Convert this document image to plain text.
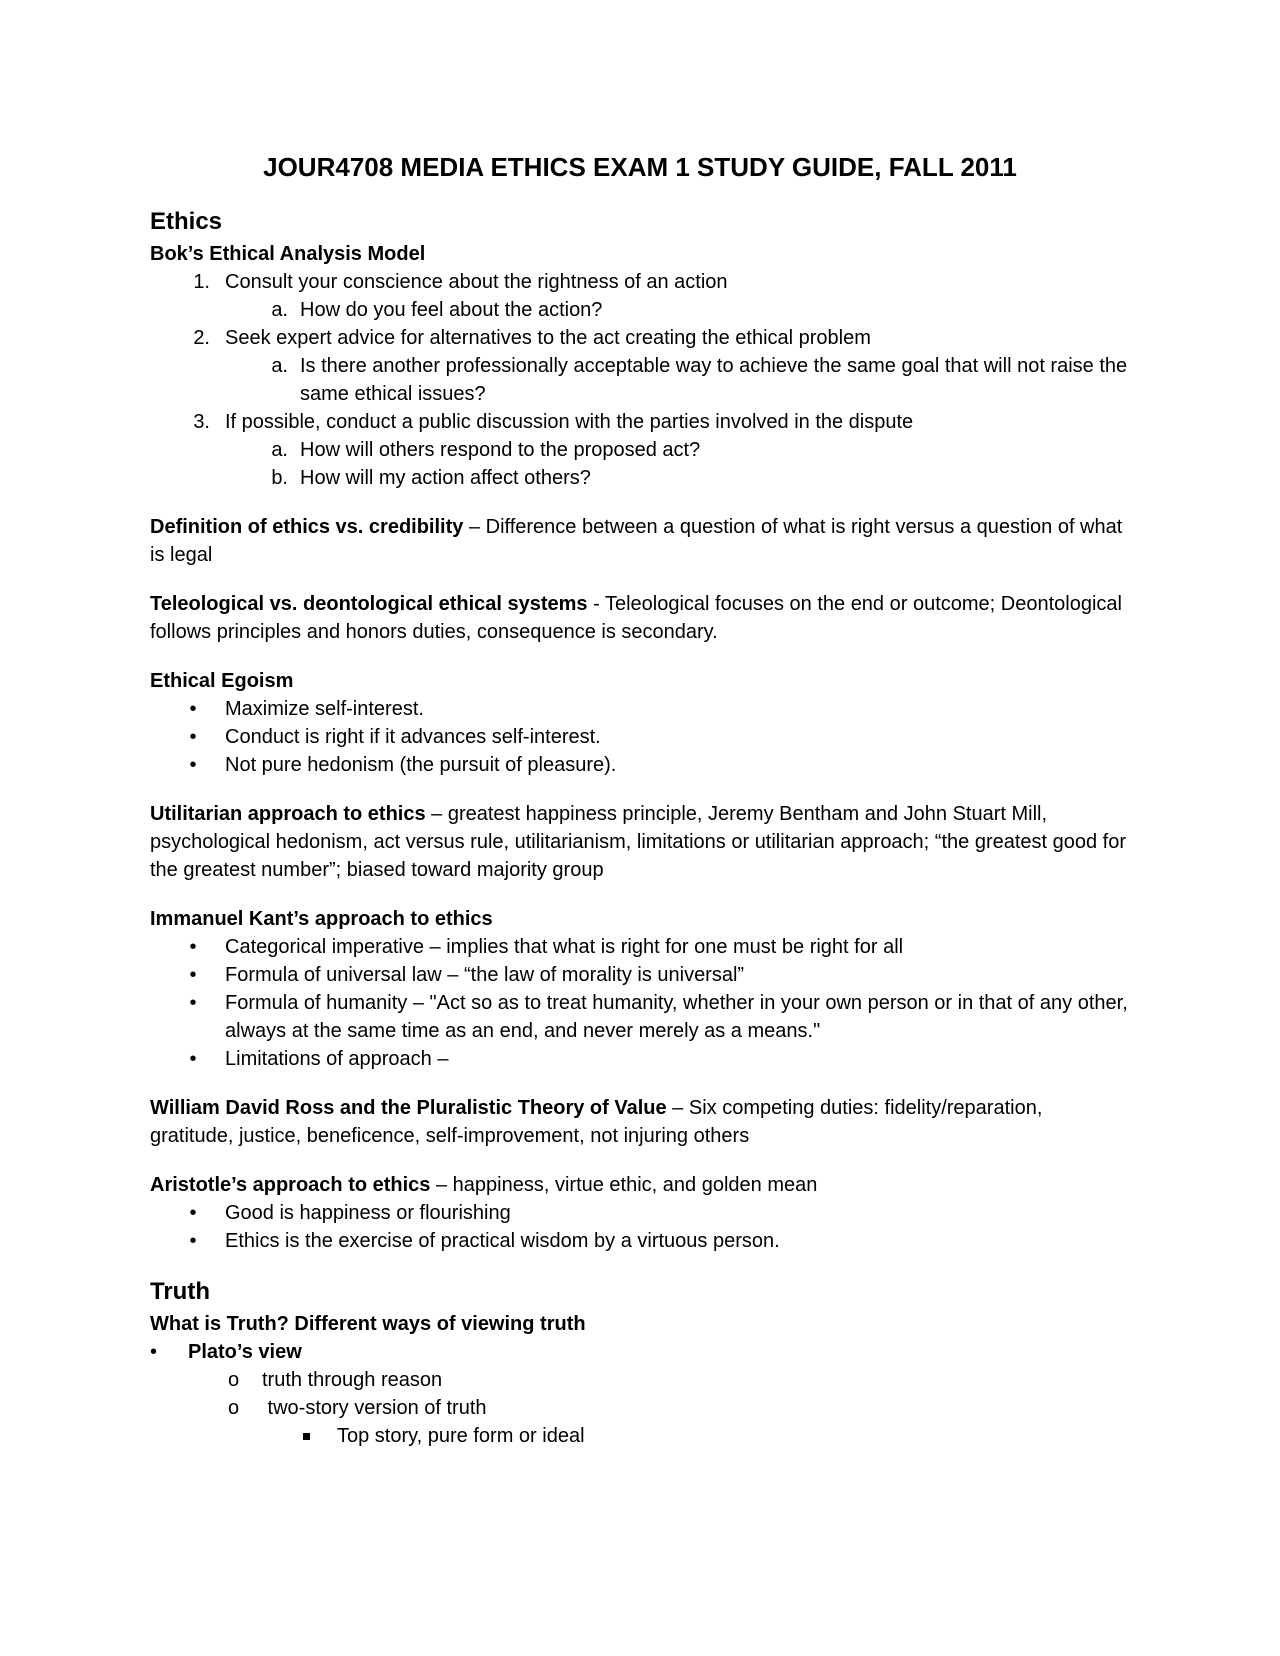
JOUR4708 MEDIA ETHICS EXAM 1 STUDY GUIDE, FALL 2011
Ethics
Bok’s Ethical Analysis Model
1. Consult your conscience about the rightness of an action
a. How do you feel about the action?
2. Seek expert advice for alternatives to the act creating the ethical problem
a. Is there another professionally acceptable way to achieve the same goal that will not raise the same ethical issues?
3. If possible, conduct a public discussion with the parties involved in the dispute
a. How will others respond to the proposed act?
b. How will my action affect others?

Definition of ethics vs. credibility – Difference between a question of what is right versus a question of what is legal

Teleological vs. deontological ethical systems - Teleological focuses on the end or outcome; Deontological follows principles and honors duties, consequence is secondary.

Ethical Egoism
• Maximize self-interest.
• Conduct is right if it advances self-interest.
• Not pure hedonism (the pursuit of pleasure).

Utilitarian approach to ethics – greatest happiness principle, Jeremy Bentham and John Stuart Mill, psychological hedonism, act versus rule, utilitarianism, limitations or utilitarian approach; “the greatest good for the greatest number”; biased toward majority group

Immanuel Kant’s approach to ethics
• Categorical imperative – implies that what is right for one must be right for all
• Formula of universal law – “the law of morality is universal”
• Formula of humanity – "Act so as to treat humanity, whether in your own person or in that of any other, always at the same time as an end, and never merely as a means."
• Limitations of approach –

William David Ross and the Pluralistic Theory of Value – Six competing duties: fidelity/reparation, gratitude, justice, beneficence, self-improvement, not injuring others

Aristotle’s approach to ethics – happiness, virtue ethic, and golden mean

• Good is happiness or flourishing
• Ethics is the exercise of practical wisdom by a virtuous person.
Truth
What is Truth? Different ways of viewing truth
•	Plato’s view
o truth through reason
o two-story version of truth
Top story, pure form or ideal
